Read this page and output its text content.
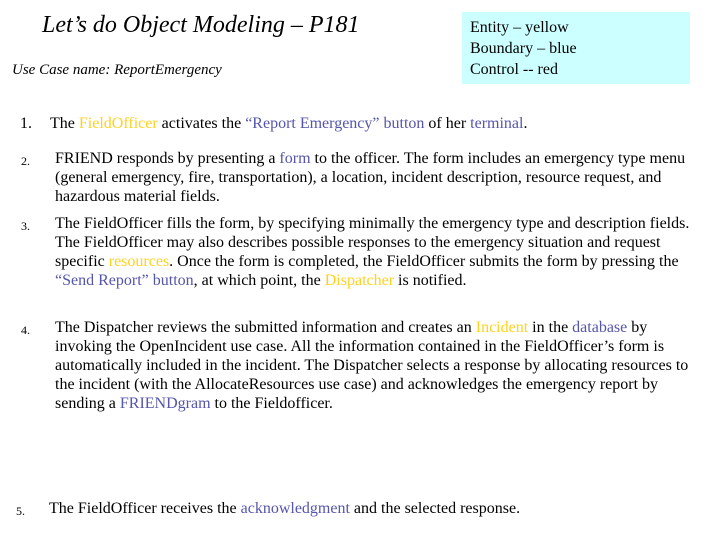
Let’s do Object Modeling – P181
Use Case name: ReportEmergency
Entity – yellow
Boundary – blue
Control -- red
1. The FieldOfficer activates the “Report Emergency” button of her terminal.
2. FRIEND responds by presenting a form to the officer. The form includes an emergency type menu (general emergency, fire, transportation), a location, incident description, resource request, and hazardous material fields.
3. The FieldOfficer fills the form, by specifying minimally the emergency type and description fields. The FieldOfficer may also describes possible responses to the emergency situation and request specific resources. Once the form is completed, the FieldOfficer submits the form by pressing the “Send Report” button, at which point, the Dispatcher is notified.
4. The Dispatcher reviews the submitted information and creates an Incident in the database by invoking the OpenIncident use case. All the information contained in the FieldOfficer’s form is automatically included in the incident. The Dispatcher selects a response by allocating resources to the incident (with the AllocateResources use case) and acknowledges the emergency report by sending a FRIENDgram to the Fieldofficer.
5. The FieldOfficer receives the acknowledgment and the selected response.
